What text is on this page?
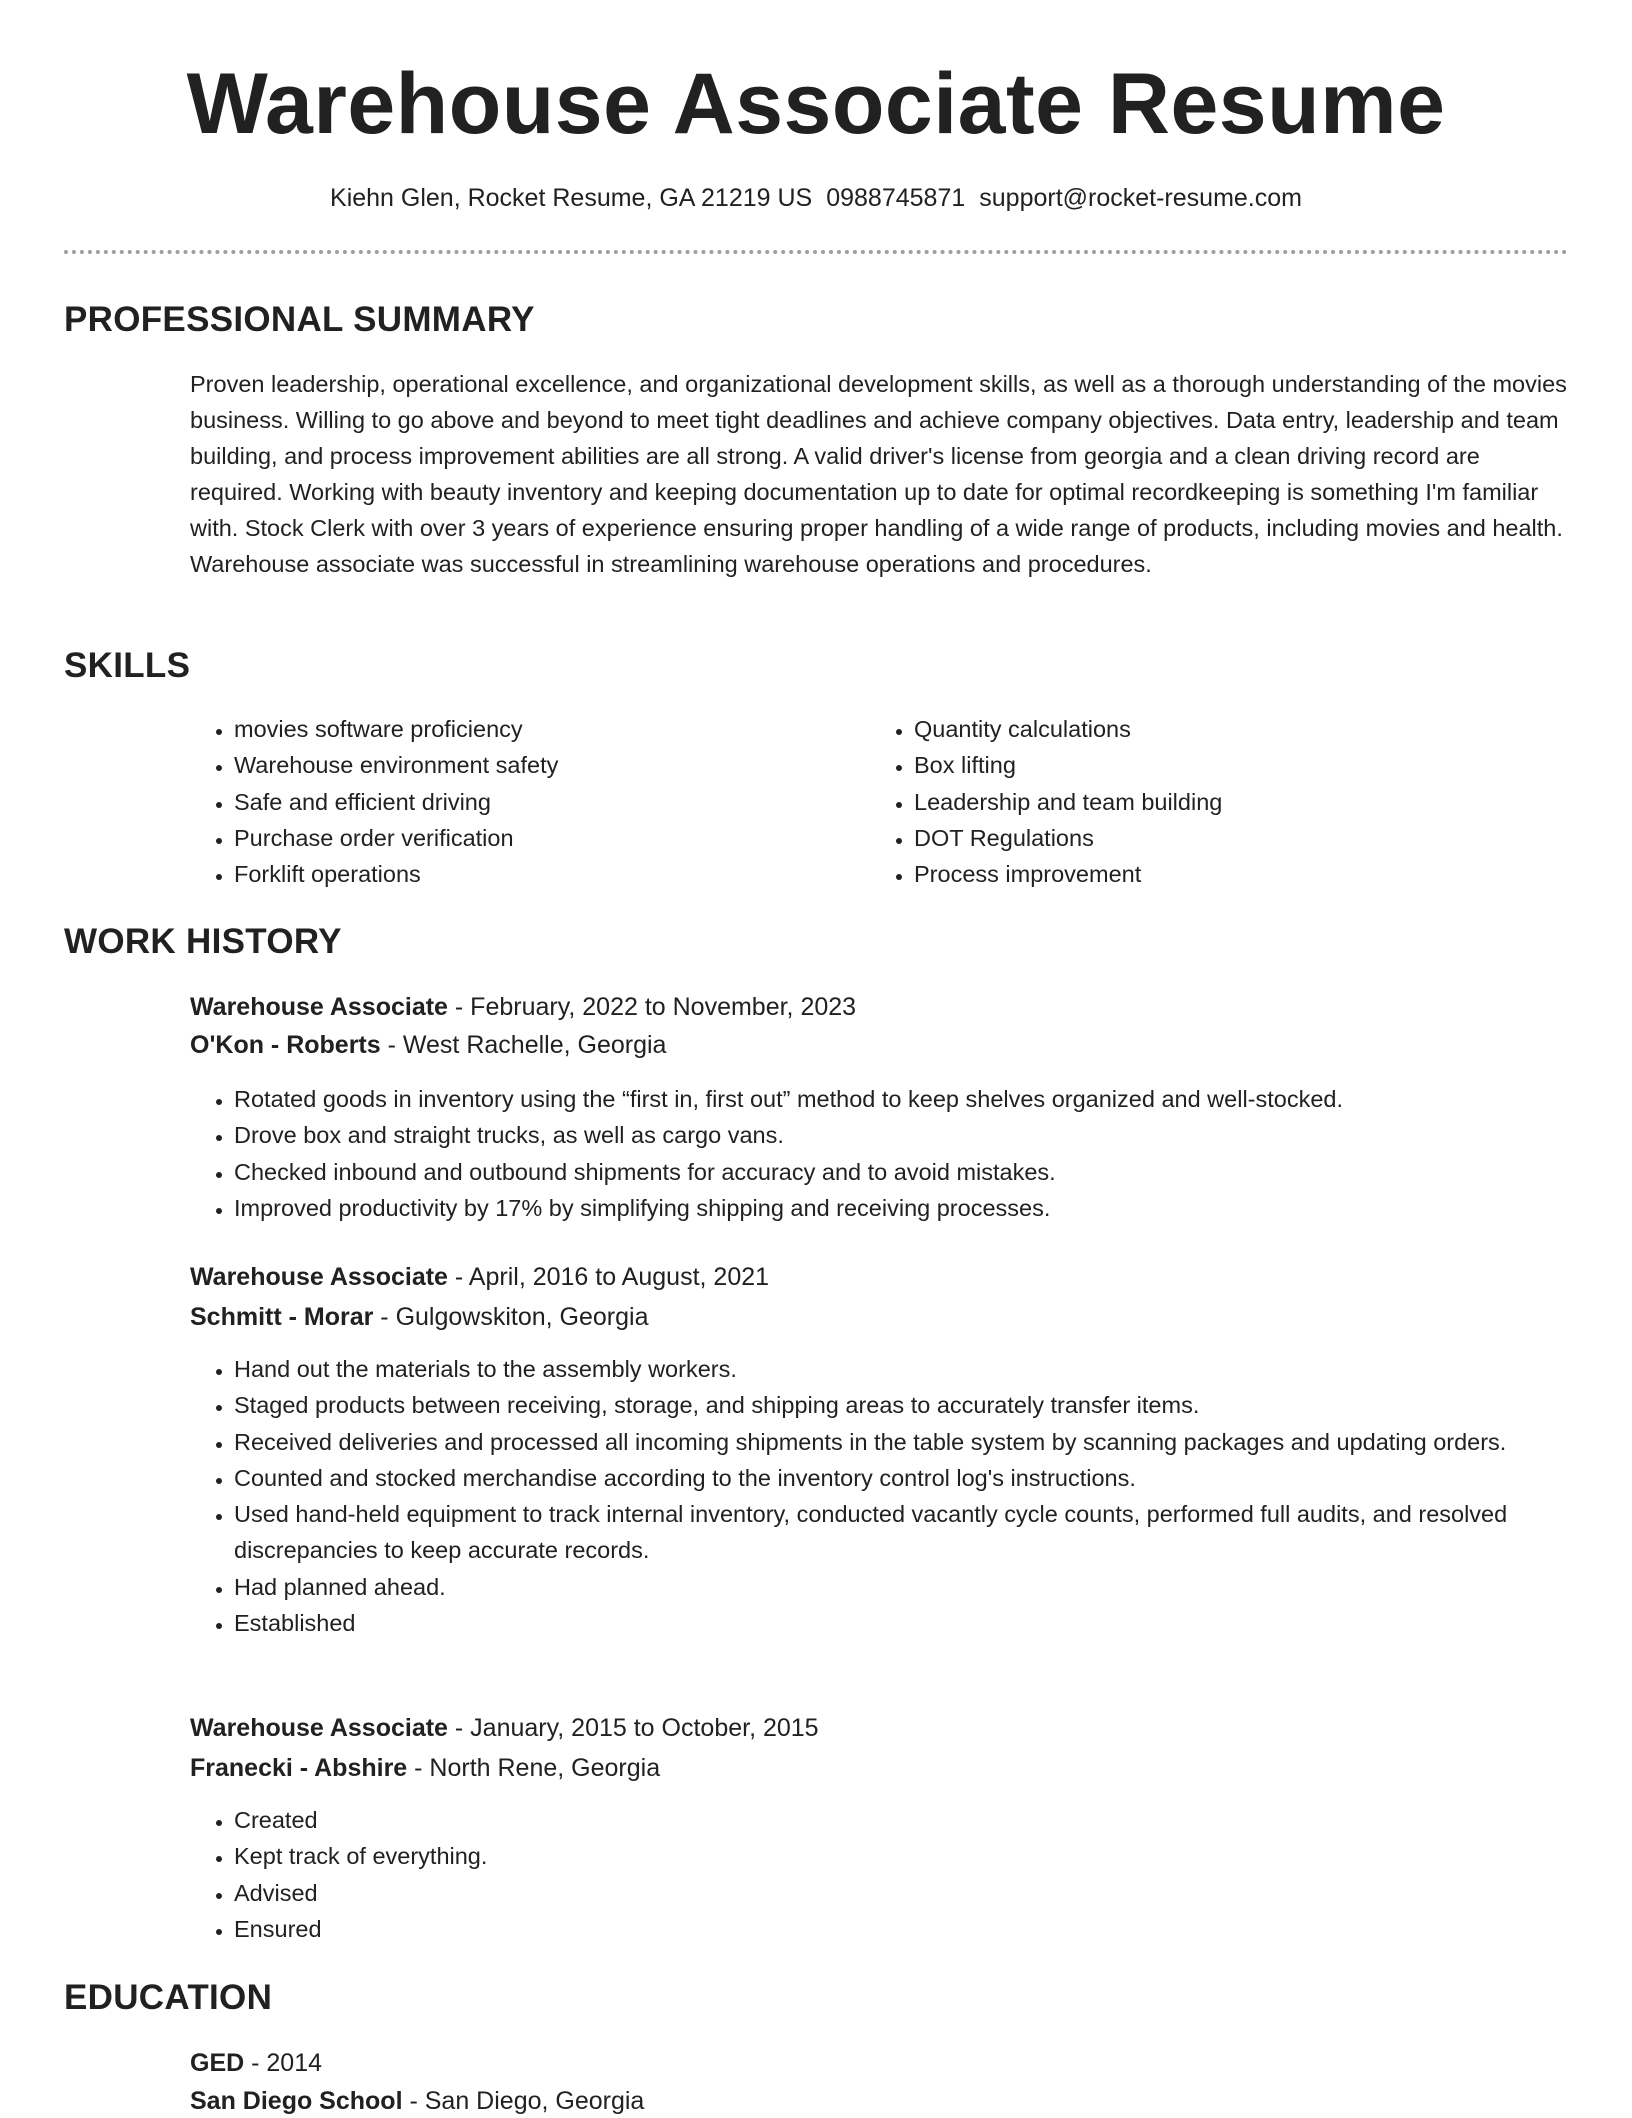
Warehouse Associate Resume
Kiehn Glen, Rocket Resume, GA 21219 US 0988745871 support@rocket-resume.com
PROFESSIONAL SUMMARY

Proven leadership, operational excellence, and organizational development skills, as well as a thorough understanding of the movies business. Willing to go above and beyond to meet tight deadlines and achieve company objectives. Data entry, leadership and team building, and process improvement abilities are all strong. A valid driver's license from georgia and a clean driving record are required. Working with beauty inventory and keeping documentation up to date for optimal recordkeeping is something I'm familiar with. Stock Clerk with over 3 years of experience ensuring proper handling of a wide range of products, including movies and health. Warehouse associate was successful in streamlining warehouse operations and procedures.

SKILLS
• movies software proficiency
• Warehouse environment safety
• Safe and efficient driving
• Purchase order verification
• Forklift operations
• Quantity calculations
• Box lifting
• Leadership and team building
• DOT Regulations
• Process improvement
WORK HISTORY
Warehouse Associate - February, 2022 to November, 2023
O'Kon - Roberts - West Rachelle, Georgia
• Rotated goods in inventory using the “first in, first out” method to keep shelves organized and well-stocked.
• Drove box and straight trucks, as well as cargo vans.
• Checked inbound and outbound shipments for accuracy and to avoid mistakes.
• Improved productivity by 17% by simplifying shipping and receiving processes.
Warehouse Associate - April, 2016 to August, 2021
Schmitt - Morar - Gulgowskiton, Georgia
• Hand out the materials to the assembly workers.
• Staged products between receiving, storage, and shipping areas to accurately transfer items.
• Received deliveries and processed all incoming shipments in the table system by scanning packages and updating orders.
• Counted and stocked merchandise according to the inventory control log's instructions.
• Used hand-held equipment to track internal inventory, conducted vacantly cycle counts, performed full audits, and resolved discrepancies to keep accurate records.
• Had planned ahead.
• Established
Warehouse Associate - January, 2015 to October, 2015
Franecki - Abshire - North Rene, Georgia
• Created
• Kept track of everything.
• Advised
• Ensured
EDUCATION
GED - 2014
San Diego School - San Diego, Georgia
